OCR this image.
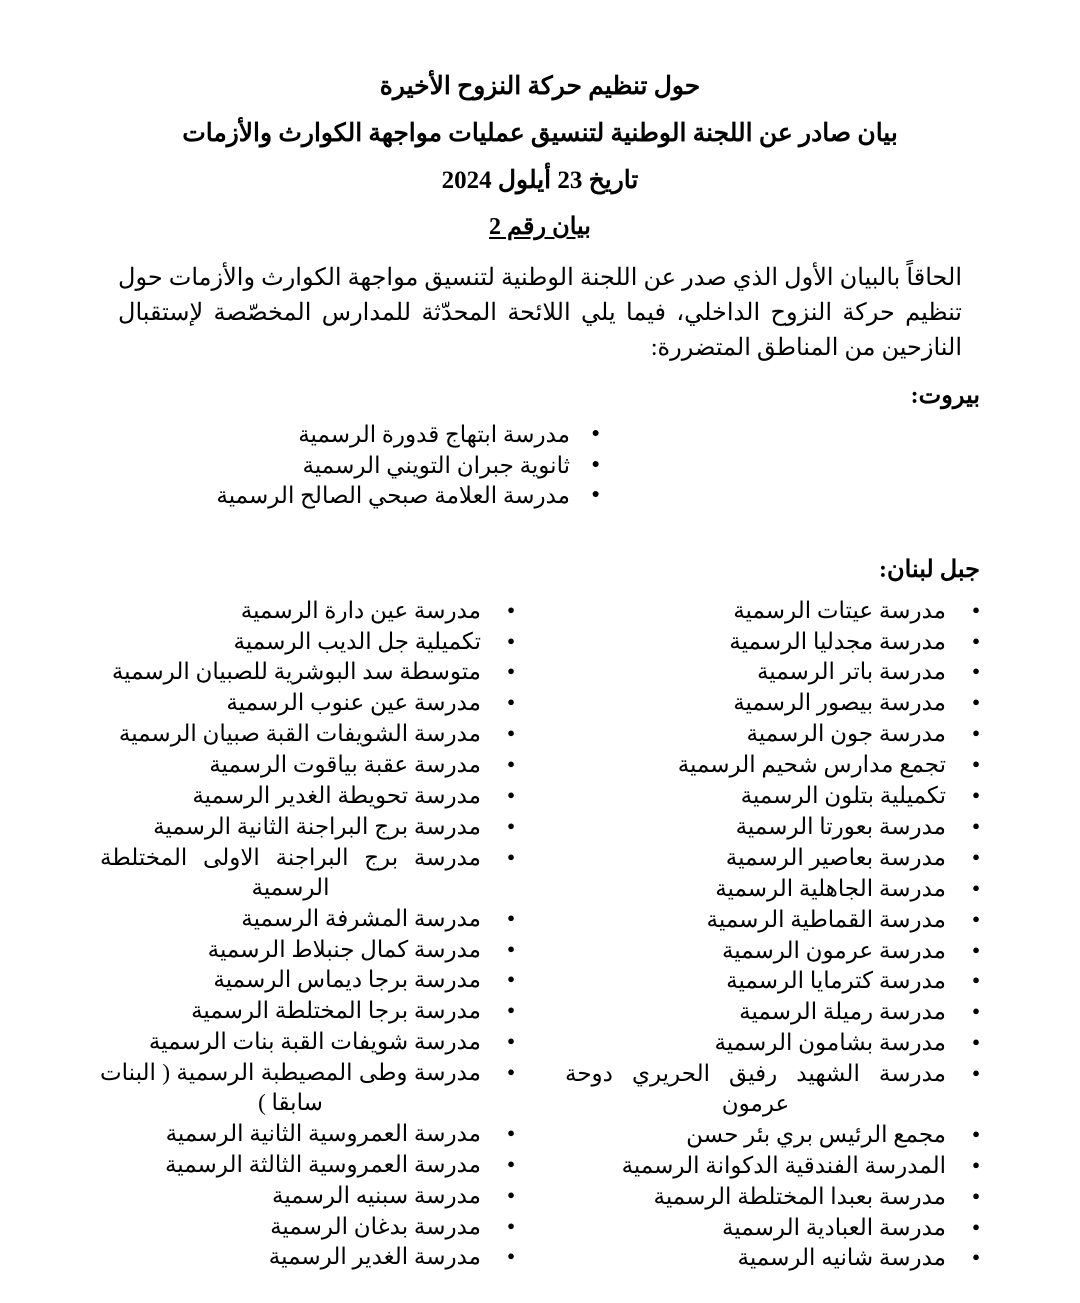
حول تنظيم حركة النزوح الأخيرة
بيان صادر عن اللجنة الوطنية لتنسيق عمليات مواجهة الكوارث والأزمات
تاريخ 23 أيلول 2024
بيان رقم 2

الحاقاً بالبيان الأول الذي صدر عن اللجنة الوطنية لتنسيق مواجهة الكوارث والأزمات حول تنظيم حركة النزوح الداخلي، فيما يلي اللائحة المحدّثة للمدارس المخصّصة لإستقبال النازحين من المناطق المتضررة:

بيروت:
● مدرسة ابتهاج قدورة الرسمية
● ثانوية جبران التويني الرسمية
● مدرسة العلامة صبحي الصالح الرسمية
جبل لبنان:
● مدرسة عيتات الرسمية
● مدرسة مجدليا الرسمية
● مدرسة باتر الرسمية
● مدرسة بيصور الرسمية
● مدرسة جون الرسمية
● تجمع مدارس شحيم الرسمية
● تكميلية بتلون الرسمية
● مدرسة بعورتا الرسمية
● مدرسة بعاصير الرسمية
● مدرسة الجاهلية الرسمية
● مدرسة القماطية الرسمية
● مدرسة عرمون الرسمية
● مدرسة كترمايا الرسمية
● مدرسة رميلة الرسمية
● مدرسة بشامون الرسمية
● مدرسة الشهيد رفيق الحريري دوحة عرمون
● مجمع الرئيس بري بئر حسن
● المدرسة الفندقية الدكوانة الرسمية
● مدرسة بعبدا المختلطة الرسمية
● مدرسة العبادية الرسمية
● مدرسة شانيه الرسمية
● مدرسة عين دارة الرسمية
● تكميلية جل الديب الرسمية
● متوسطة سد البوشرية للصبيان الرسمية
● مدرسة عين عنوب الرسمية
● مدرسة الشويفات القبة صبيان الرسمية
● مدرسة عقبة بياقوت الرسمية
● مدرسة تحويطة الغدير الرسمية
● مدرسة برج البراجنة الثانية الرسمية
● مدرسة برج البراجنة الاولى المختلطة الرسمية
● مدرسة المشرفة الرسمية
● مدرسة كمال جنبلاط الرسمية
● مدرسة برجا ديماس الرسمية
● مدرسة برجا المختلطة الرسمية
● مدرسة شويفات القبة بنات الرسمية
● مدرسة وطى المصيطبة الرسمية ( البنات سابقا )
● مدرسة العمروسية الثانية الرسمية
● مدرسة العمروسية الثالثة الرسمية
● مدرسة سبنيه الرسمية
● مدرسة بدغان الرسمية
● مدرسة الغدير الرسمية
